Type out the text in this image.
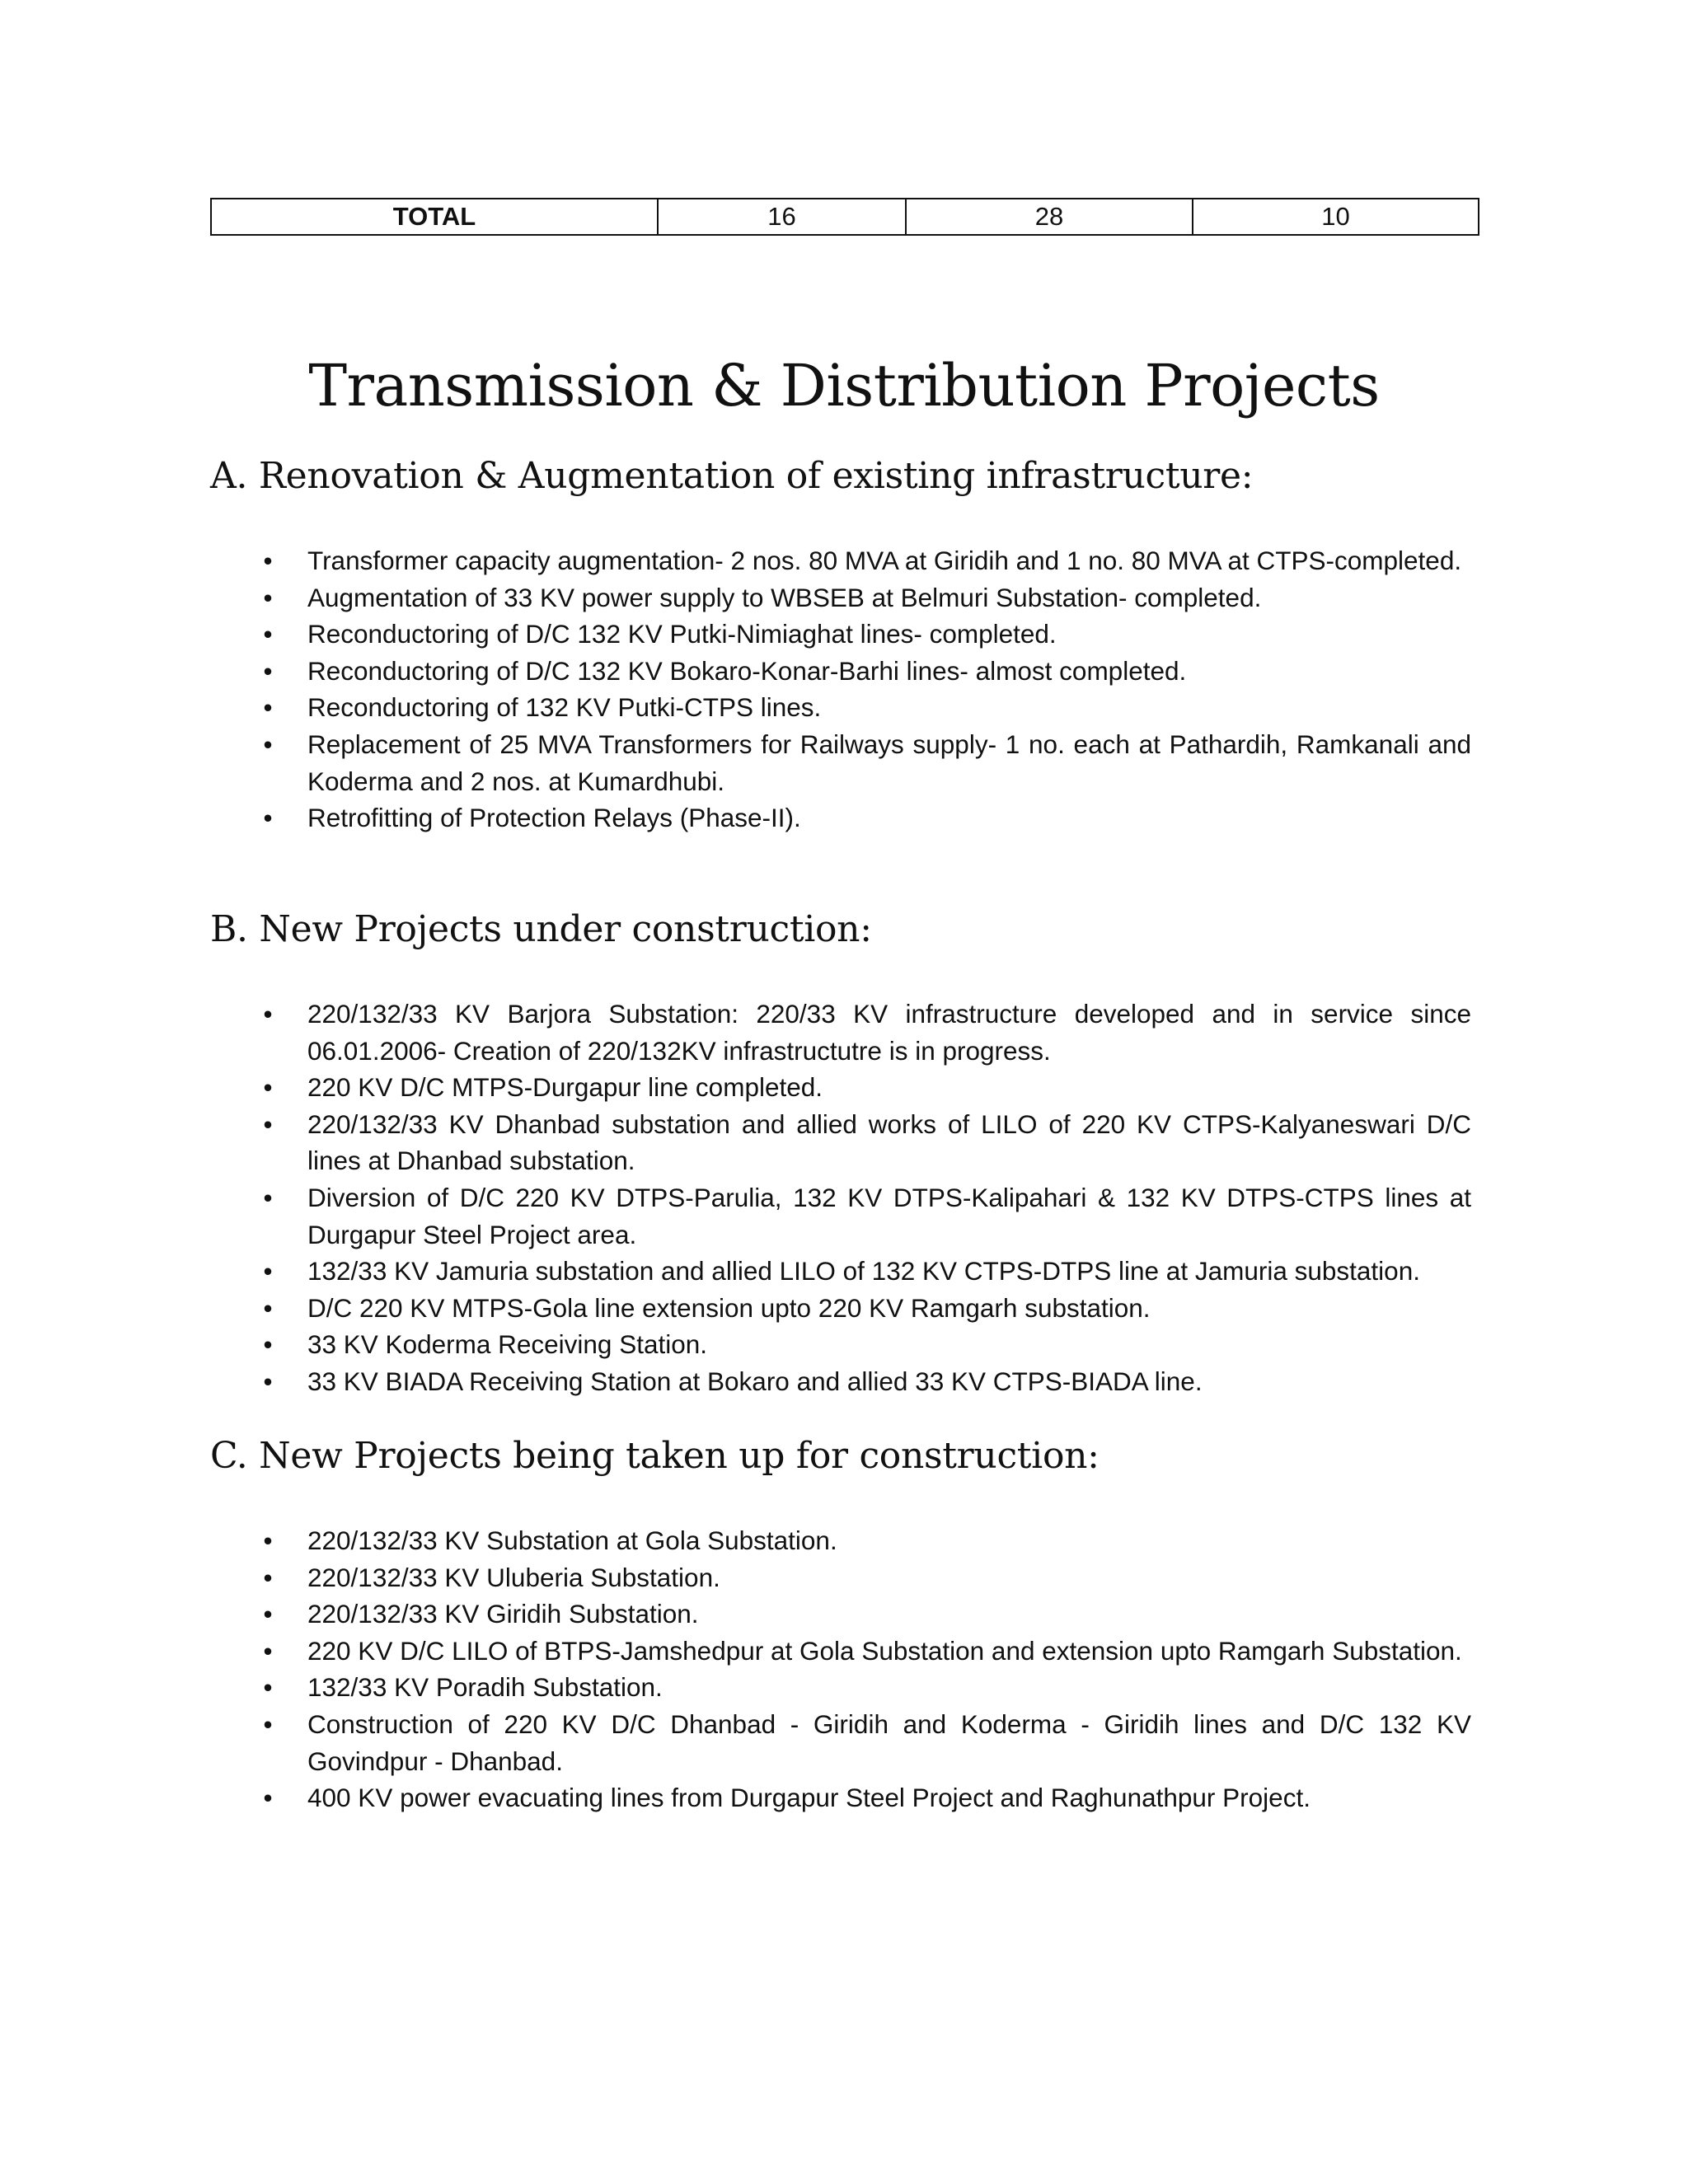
TOTAL	16	28	10
Transmission & Distribution Projects
A. Renovation & Augmentation of existing infrastructure:
• Transformer capacity augmentation- 2 nos. 80 MVA at Giridih and 1 no. 80 MVA at CTPS-completed.
• Augmentation of 33 KV power supply to WBSEB at Belmuri Substation- completed.
• Reconductoring of D/C 132 KV Putki-Nimiaghat lines- completed.
• Reconductoring of D/C 132 KV Bokaro-Konar-Barhi lines- almost completed.
• Reconductoring of 132 KV Putki-CTPS lines.
• Replacement of 25 MVA Transformers for Railways supply- 1 no. each at Pathardih, Ramkanali and Koderma and 2 nos. at Kumardhubi.
• Retrofitting of Protection Relays (Phase-II).
B. New Projects under construction:
• 220/132/33 KV Barjora Substation: 220/33 KV infrastructure developed and in service since 06.01.2006- Creation of 220/132KV infrastructutre is in progress.
• 220 KV D/C MTPS-Durgapur line completed.
• 220/132/33 KV Dhanbad substation and allied works of LILO of 220 KV CTPS-Kalyaneswari D/C lines at Dhanbad substation.
• Diversion of D/C 220 KV DTPS-Parulia, 132 KV DTPS-Kalipahari & 132 KV DTPS-CTPS lines at Durgapur Steel Project area.
• 132/33 KV Jamuria substation and allied LILO of 132 KV CTPS-DTPS line at Jamuria substation.
• D/C 220 KV MTPS-Gola line extension upto 220 KV Ramgarh substation.
• 33 KV Koderma Receiving Station.
• 33 KV BIADA Receiving Station at Bokaro and allied 33 KV CTPS-BIADA line.
C. New Projects being taken up for construction:
• 220/132/33 KV Substation at Gola Substation.
• 220/132/33 KV Uluberia Substation.
• 220/132/33 KV Giridih Substation.
• 220 KV D/C LILO of BTPS-Jamshedpur at Gola Substation and extension upto Ramgarh Substation.
• 132/33 KV Poradih Substation.
• Construction of 220 KV D/C Dhanbad - Giridih and Koderma - Giridih lines and D/C 132 KV Govindpur - Dhanbad.
• 400 KV power evacuating lines from Durgapur Steel Project and Raghunathpur Project.
